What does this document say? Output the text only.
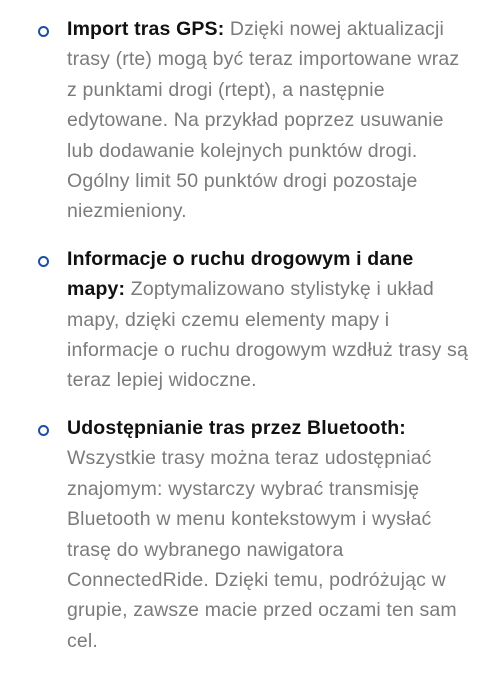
Import tras GPS: Dzięki nowej aktualizacji trasy (rte) mogą być teraz importowane wraz z punktami drogi (rtept), a następnie edytowane. Na przykład poprzez usuwanie lub dodawanie kolejnych punktów drogi. Ogólny limit 50 punktów drogi pozostaje niezmieniony.
Informacje o ruchu drogowym i dane mapy: Zoptymalizowano stylistykę i układ mapy, dzięki czemu elementy mapy i informacje o ruchu drogowym wzdłuż trasy są teraz lepiej widoczne.
Udostępnianie tras przez Bluetooth: Wszystkie trasy można teraz udostępniać znajomym: wystarczy wybrać transmisję Bluetooth w menu kontekstowym i wysłać trasę do wybranego nawigatora ConnectedRide. Dzięki temu, podróżując w grupie, zawsze macie przed oczami ten sam cel.
